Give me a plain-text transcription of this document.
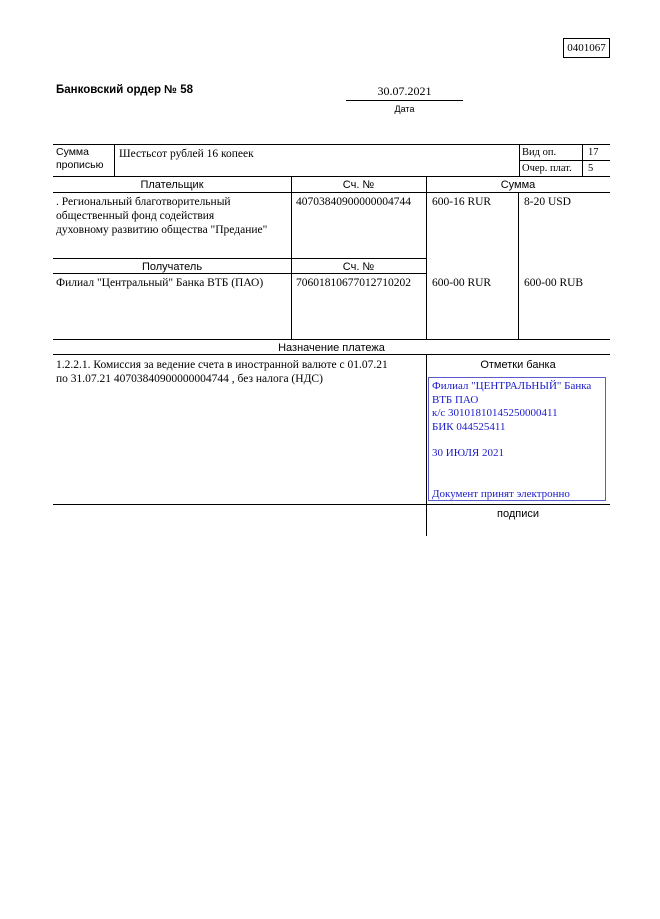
0401067
Банковский ордер № 58	30.07.2021
Дата
Сумма прописью
Шестьсот рублей 16 копеек	Вид оп.	17
Очер. плат. 5
Плательщик	Сч. №	Сумма
. Региональный благотворительный
общественный фонд содействия
духовному развитию общества "Предание"
40703840900000004744 600-16 RUR	8-20 USD
Получатель	Сч. №
Филиал "Центральный" Банка ВТБ (ПАО)	70601810677012710202 600-00 RUR	600-00 RUB
Назначение платежа
1.2.2.1. Комиссия за ведение счета в иностранной валюте с 01.07.21
по 31.07.21 40703840900000004744 , без налога (НДС)
Отметки банка
Филиал "ЦЕНТРАЛЬНЫЙ" Банка
ВТБ ПАО
к/с 30101810145250000411
БИК 044525411
30 ИЮЛЯ 2021
Документ принят электронно
подписи
